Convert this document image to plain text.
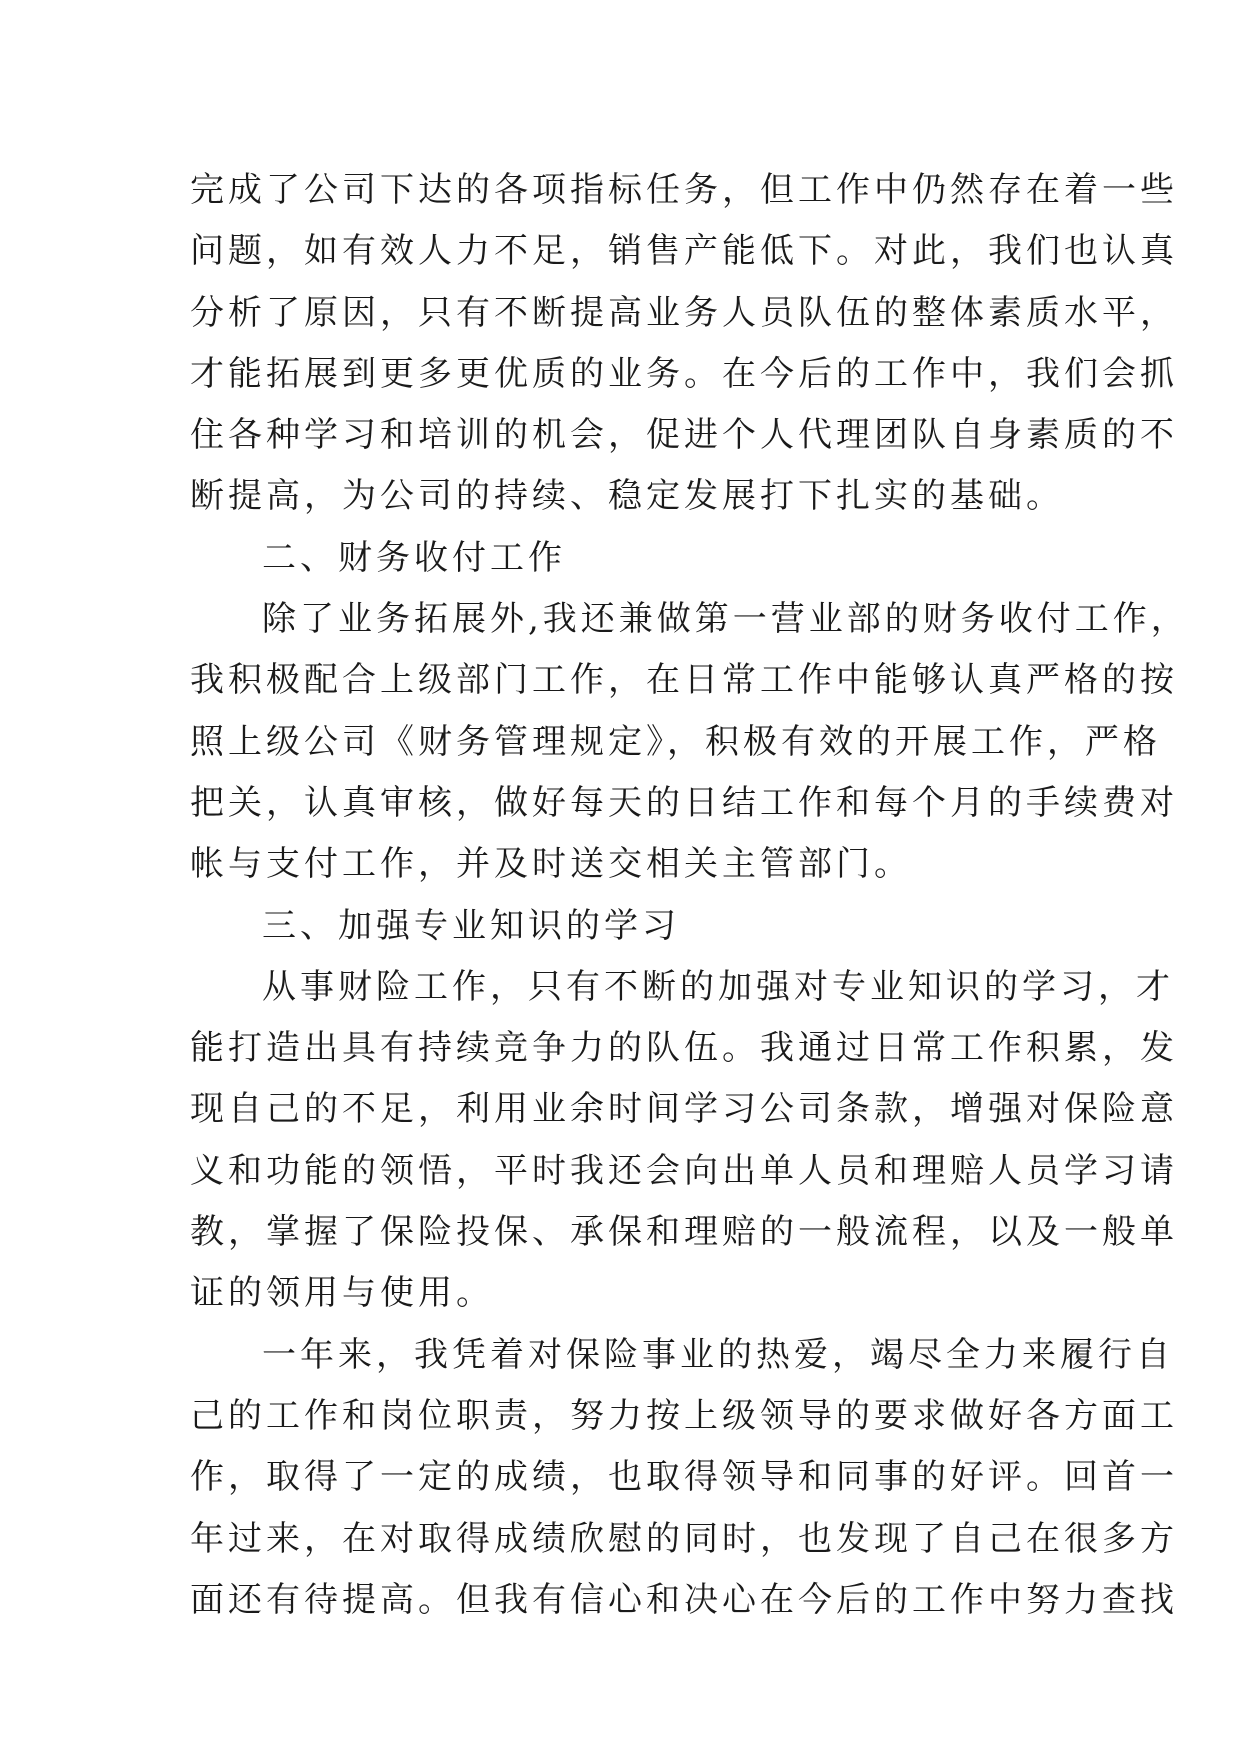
完成了公司下达的各项指标任务，但工作中仍然存在着一些
问题，如有效人力不足，销售产能低下。对此，我们也认真
分析了原因，只有不断提高业务人员队伍的整体素质水平，
才能拓展到更多更优质的业务。在今后的工作中，我们会抓
住各种学习和培训的机会，促进个人代理团队自身素质的不
断提高，为公司的持续、稳定发展打下扎实的基础。
二、财务收付工作
除了业务拓展外,我还兼做第一营业部的财务收付工作，
我积极配合上级部门工作，在日常工作中能够认真严格的按
照上级公司《财务管理规定》，积极有效的开展工作，严格
把关，认真审核，做好每天的日结工作和每个月的手续费对
帐与支付工作，并及时送交相关主管部门。
三、加强专业知识的学习
从事财险工作，只有不断的加强对专业知识的学习，才
能打造出具有持续竞争力的队伍。我通过日常工作积累，发
现自己的不足，利用业余时间学习公司条款，增强对保险意
义和功能的领悟，平时我还会向出单人员和理赔人员学习请
教，掌握了保险投保、承保和理赔的一般流程，以及一般单
证的领用与使用。
一年来，我凭着对保险事业的热爱，竭尽全力来履行自
己的工作和岗位职责，努力按上级领导的要求做好各方面工
作，取得了一定的成绩，也取得领导和同事的好评。回首一
年过来，在对取得成绩欣慰的同时，也发现了自己在很多方
面还有待提高。但我有信心和决心在今后的工作中努力查找
